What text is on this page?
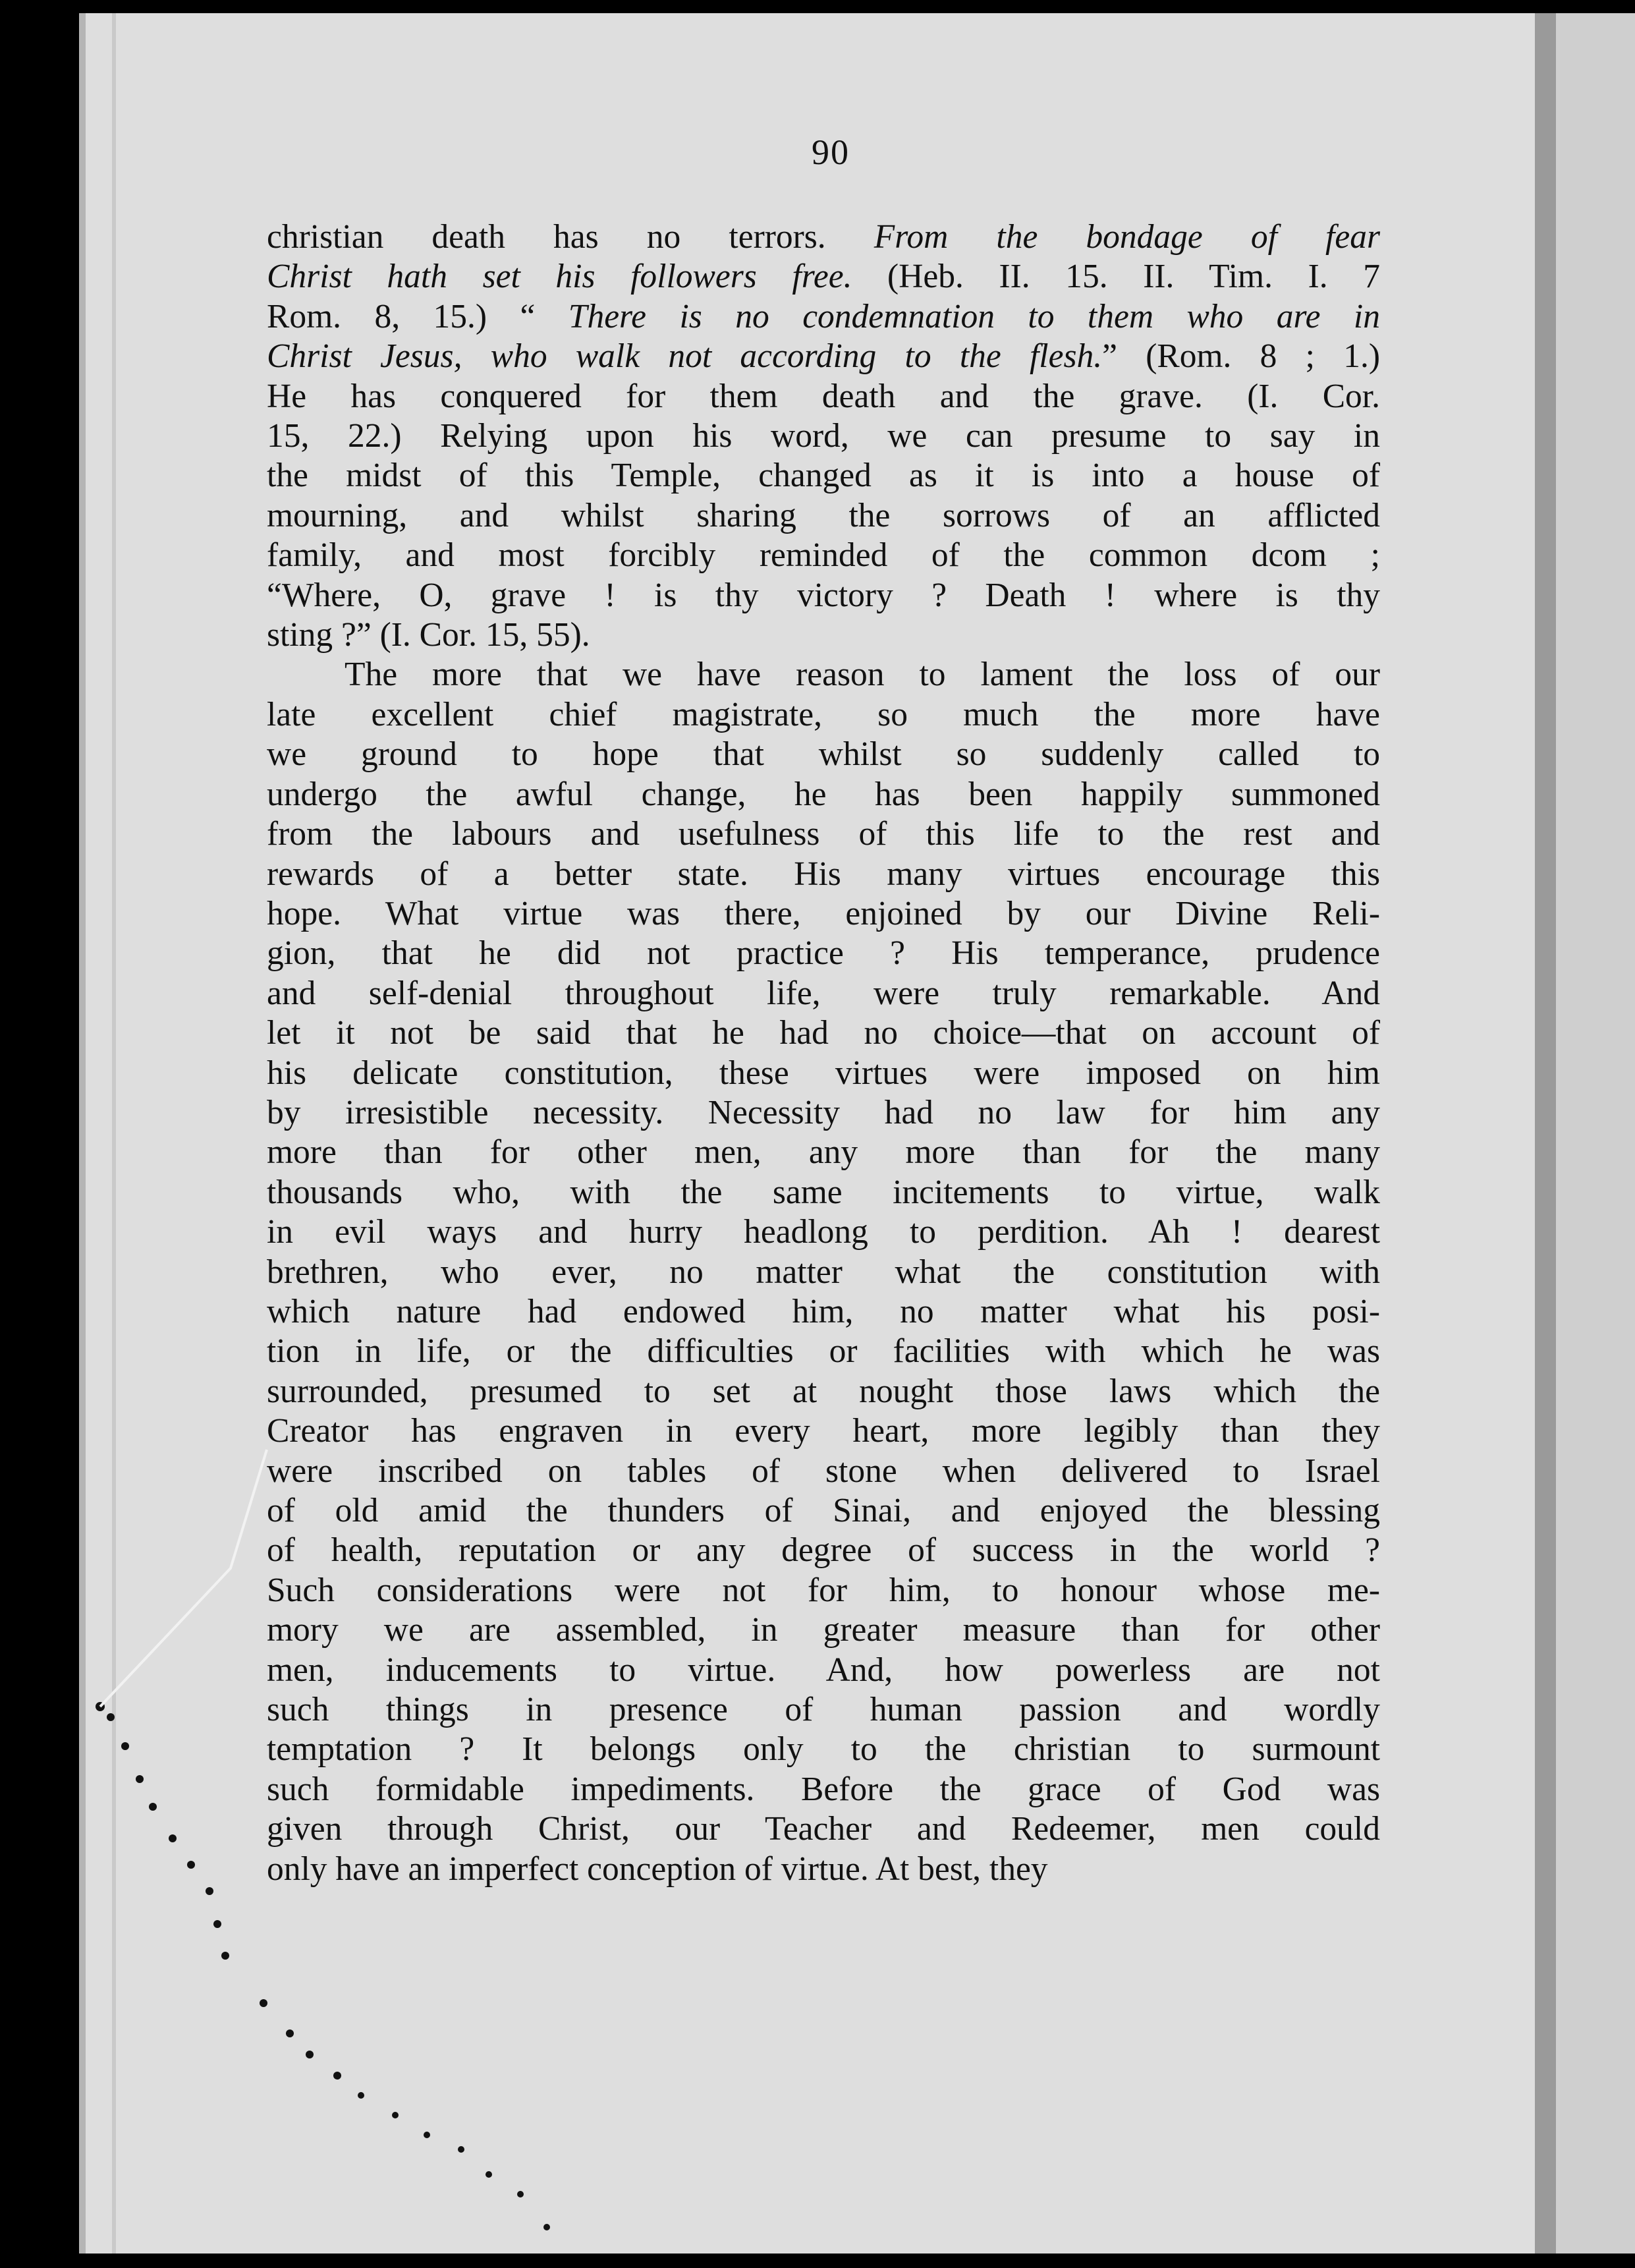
90
christian death has no terrors. From the bondage of fear
Christ hath set his followers free. (Heb. II. 15. II. Tim. I. 7
Rom. 8, 15.) “ There is no condemnation to them who are in
Christ Jesus, who walk not according to the flesh.” (Rom. 8 ; 1.)
He has conquered for them death and the grave. (I. Cor.
15, 22.) Relying upon his word, we can presume to say in
the midst of this Temple, changed as it is into a house of
mourning, and whilst sharing the sorrows of an afflicted
family, and most forcibly reminded of the common dcom ;
“Where, O, grave ! is thy victory ? Death ! where is thy
sting ?” (I. Cor. 15, 55).
The more that we have reason to lament the loss of our
late excellent chief magistrate, so much the more have
we ground to hope that whilst so suddenly called to
undergo the awful change, he has been happily summoned
from the labours and usefulness of this life to the rest and
rewards of a better state. His many virtues encourage this
hope. What virtue was there, enjoined by our Divine Reli-
gion, that he did not practice ? His temperance, prudence
and self-denial throughout life, were truly remarkable. And
let it not be said that he had no choice—that on account of
his delicate constitution, these virtues were imposed on him
by irresistible necessity. Necessity had no law for him any
more than for other men, any more than for the many
thousands who, with the same incitements to virtue, walk
in evil ways and hurry headlong to perdition. Ah ! dearest
brethren, who ever, no matter what the constitution with
which nature had endowed him, no matter what his posi-
tion in life, or the difficulties or facilities with which he was
surrounded, presumed to set at nought those laws which the
Creator has engraven in every heart, more legibly than they
were inscribed on tables of stone when delivered to Israel
of old amid the thunders of Sinai, and enjoyed the blessing
of health, reputation or any degree of success in the world ?
Such considerations were not for him, to honour whose me-
mory we are assembled, in greater measure than for other
men, inducements to virtue. And, how powerless are not
such things in presence of human passion and wordly
temptation ? It belongs only to the christian to surmount
such formidable impediments. Before the grace of God was
given through Christ, our Teacher and Redeemer, men could
only have an imperfect conception of virtue. At best, they
